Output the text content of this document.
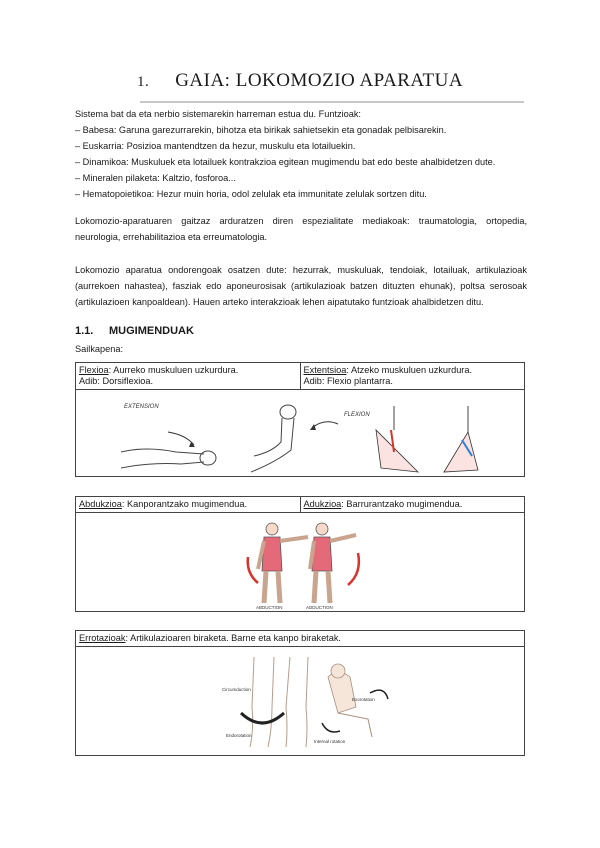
1. GAIA: LOKOMOZIO APARATUA

Sistema bat da eta nerbio sistemarekin harreman estua du. Funtzioak:

– Babesa: Garuna garezurrarekin, bihotza eta birikak sahietsekin eta gonadak pelbisarekin.

– Euskarria: Posizioa mantendtzen da hezur, muskulu eta lotailuekin.

– Dinamikoa: Muskuluek eta lotailuek kontrakzioa egitean mugimendu bat edo beste ahalbidetzen dute.

– Mineralen pilaketa: Kaltzio, fosforoa...

– Hematopoietikoa: Hezur muin horia, odol zelulak eta immunitate zelulak sortzen ditu.

Lokomozio-aparatuaren gaitzaz arduratzen diren espezialitate mediakoak: traumatologia, ortopedia, neurologia, errehabilitazioa eta erreumatologia.
Lokomozio aparatua ondorengoak osatzen dute: hezurrak, muskuluak, tendoiak, lotailuak, artikulazioak (aurrekoen nahastea), fasziak edo aponeurosisak (artikulazioak batzen dituzten ehunak), poltsa serosoak (artikulazioen kanpoaldean). Hauen arteko interakzioak lehen aipatutako funtzioak ahalbidetzen ditu.
1.1. MUGIMENDUAK
Sailkapena:
Flexioa: Aurreko muskuluen uzkurdura.
Adib: Dorsiflexioa.
Extentsioa: Atzeko muskuluen uzkurdura.
Adib: Flexio plantarra.
EXTENSION
FLEXION
Abdukzioa: Kanporantzako mugimendua.	Adukzioa: Barrurantzako mugimendua.
ABDUCTION	ADDUCTION
Errotazioak: Artikulazioaren biraketa. Barne eta kanpo biraketak.
Circumduction
Endorotation
Exorotation
Internal rotation
